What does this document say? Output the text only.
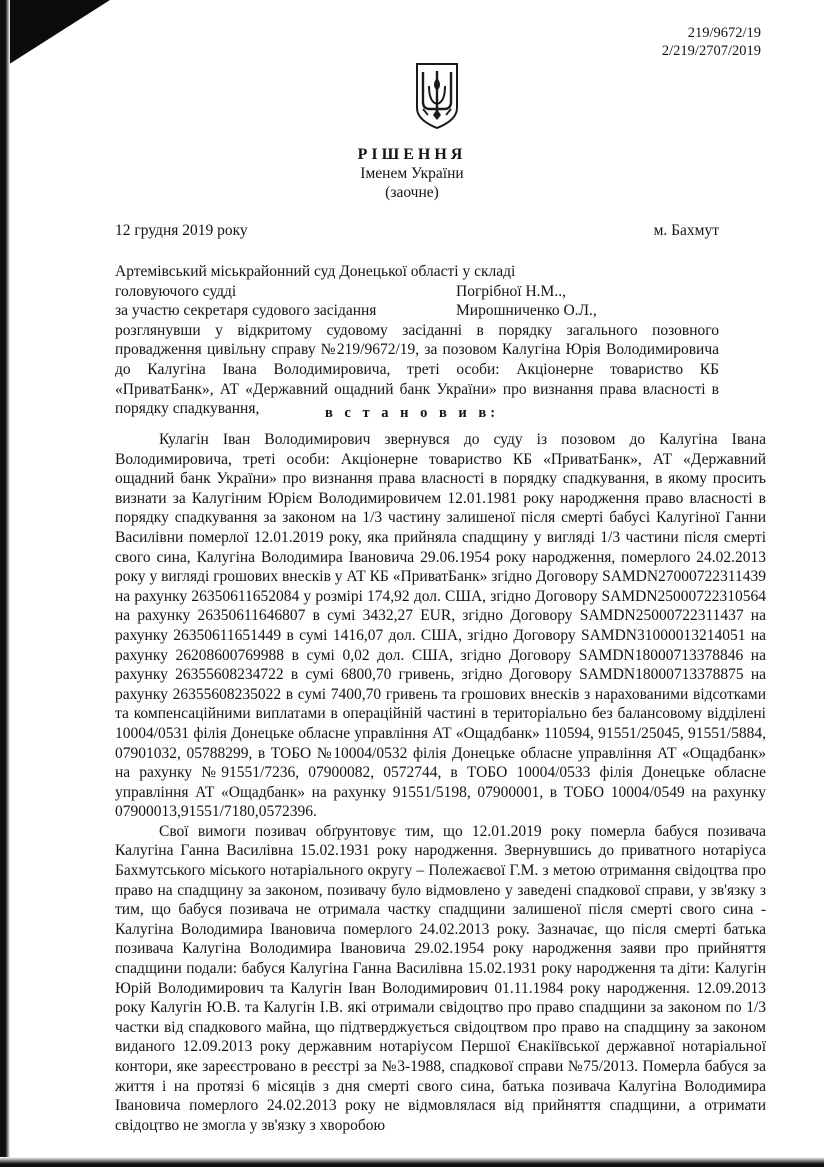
219/9672/19
2/219/2707/2019
РІШЕННЯ
Іменем України
(заочне)
12 грудня 2019 року	м. Бахмут
Артемівський міськрайонний суд Донецької області у складі
головуючого судді	Погрібної Н.М..,
за участю секретаря судового засідання	Мирошниченко О.Л.,
розглянувши у відкритому судовому засіданні в порядку загального позовного провадження цивільну справу №219/9672/19, за позовом Калугіна Юрія Володимировича до Калугіна Івана Володимировича, треті особи: Акціонерне товариство КБ «ПриватБанк», АТ «Державний ощадний банк України» про визнання права власності в порядку спадкування,	в с т а н о в и в:

Кулагін Іван Володимирович звернувся до суду із позовом до Калугіна Івана Володимировича, треті особи: Акціонерне товариство КБ «ПриватБанк», АТ «Державний ощадний банк України» про визнання права власності в порядку спадкування, в якому просить визнати за Калугіним Юрієм Володимировичем 12.01.1981 року народження право власності в порядку спадкування за законом на 1/3 частину залишеної після смерті бабусі Калугіної Ганни Василівни померлої 12.01.2019 року, яка прийняла спадщину у вигляді 1/3 частини після смерті свого сина, Калугіна Володимира Івановича 29.06.1954 року народження, померлого 24.02.2013 року у вигляді грошових внесків у АТ КБ «ПриватБанк» згідно Договору SAMDN27000722311439 на рахунку 26350611652084 у розмірі 174,92 дол. США, згідно Договору SAMDN25000722310564 на рахунку 26350611646807 в сумі 3432,27 EUR, згідно Договору SAMDN25000722311437 на рахунку 26350611651449 в сумі 1416,07 дол. США, згідно Договору SAMDN31000013214051 на рахунку 26208600769988 в сумі 0,02 дол. США, згідно Договору SAMDN18000713378846 на рахунку 26355608234722 в сумі 6800,70 гривень, згідно Договору SAMDN18000713378875 на рахунку 26355608235022 в сумі 7400,70 гривень та грошових внесків з нарахованими відсотками та компенсаційними виплатами в операційній частині в територіально без балансовому відділені 10004/0531 філія Донецьке обласне управління АТ «Ощадбанк» 110594, 91551/25045, 91551/5884, 07901032, 05788299, в ТОБО №10004/0532 філія Донецьке обласне управління АТ «Ощадбанк» на рахунку №91551/7236, 07900082, 0572744, в ТОБО 10004/0533 філія Донецьке обласне управління АТ «Ощадбанк» на рахунку 91551/5198, 07900001, в ТОБО 10004/0549 на рахунку 07900013,91551/7180,0572396.

Свої вимоги позивач обґрунтовує тим, що 12.01.2019 року померла бабуся позивача Калугіна Ганна Василівна 15.02.1931 року народження. Звернувшись до приватного нотаріуса Бахмутського міського нотаріального округу – Полежаєвої Г.М. з метою отримання свідоцтва про право на спадщину за законом, позивачу було відмовлено у заведені спадкової справи, у зв'язку з тим, що бабуся позивача не отримала частку спадщини залишеної після смерті свого сина - Калугіна Володимира Івановича померлого 24.02.2013 року. Зазначає, що після смерті батька позивача Калугіна Володимира Івановича 29.02.1954 року народження заяви про прийняття спадщини подали: бабуся Калугіна Ганна Василівна 15.02.1931 року народження та діти: Калугін Юрій Володимирович та Калугін Іван Володимирович 01.11.1984 року народження. 12.09.2013 року Калугін Ю.В. та Калугін І.В. які отримали свідоцтво про право спадщини за законом по 1/3 частки від спадкового майна, що підтверджується свідоцтвом про право на спадщину за законом виданого 12.09.2013 року державним нотаріусом Першої Єнакіївської державної нотаріальної контори, яке зареєстровано в реєстрі за №3-1988, спадкової справи №75/2013. Померла бабуся за життя і на протязі 6 місяців з дня смерті свого сина, батька позивача Калугіна Володимира Івановича померлого 24.02.2013 року не відмовлялася від прийняття спадщини, а отримати свідоцтво не змогла у зв'язку з хворобою
